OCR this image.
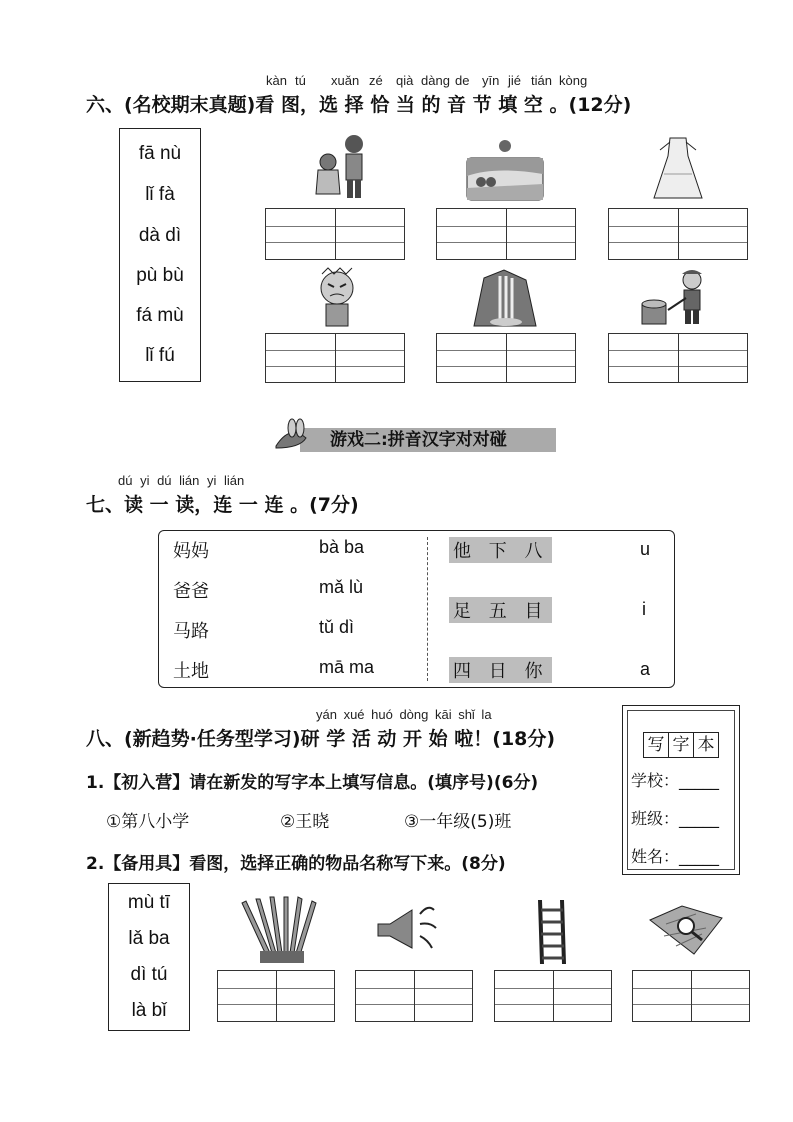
kàn tú xuǎn zé qià dàng de yīn jié tián kòng
六、(名校期末真题)看 图，选 择 恰 当 的 音 节 填 空 。(12分)
fā nù
lǐ fà
dà dì
pù bù
fá mù
lǐ fú
游戏二:拼音汉字对对碰
dú yi dú lián yi lián
七、读 一 读，连 一 连 。(7分)
妈妈
爸爸
马路
土地
bà ba
mǎ lù
tǔ dì
mā ma
他 下 八
足 五 目
四 日 你
u
i
a
yán xué huó dòng kāi shǐ la
八、(新趋势·任务型学习)研 学 活 动 开 始 啦！(18分)
1.【初入营】请在新发的写字本上填写信息。(填序号)(6分)
①第八小学	②王晓	③一年级(5)班
2.【备用具】看图，选择正确的物品名称写下来。(8分)
写 字 本
学校：_____
班级：_____
姓名：_____
mù tī
lǎ ba
dì tú
là bǐ
